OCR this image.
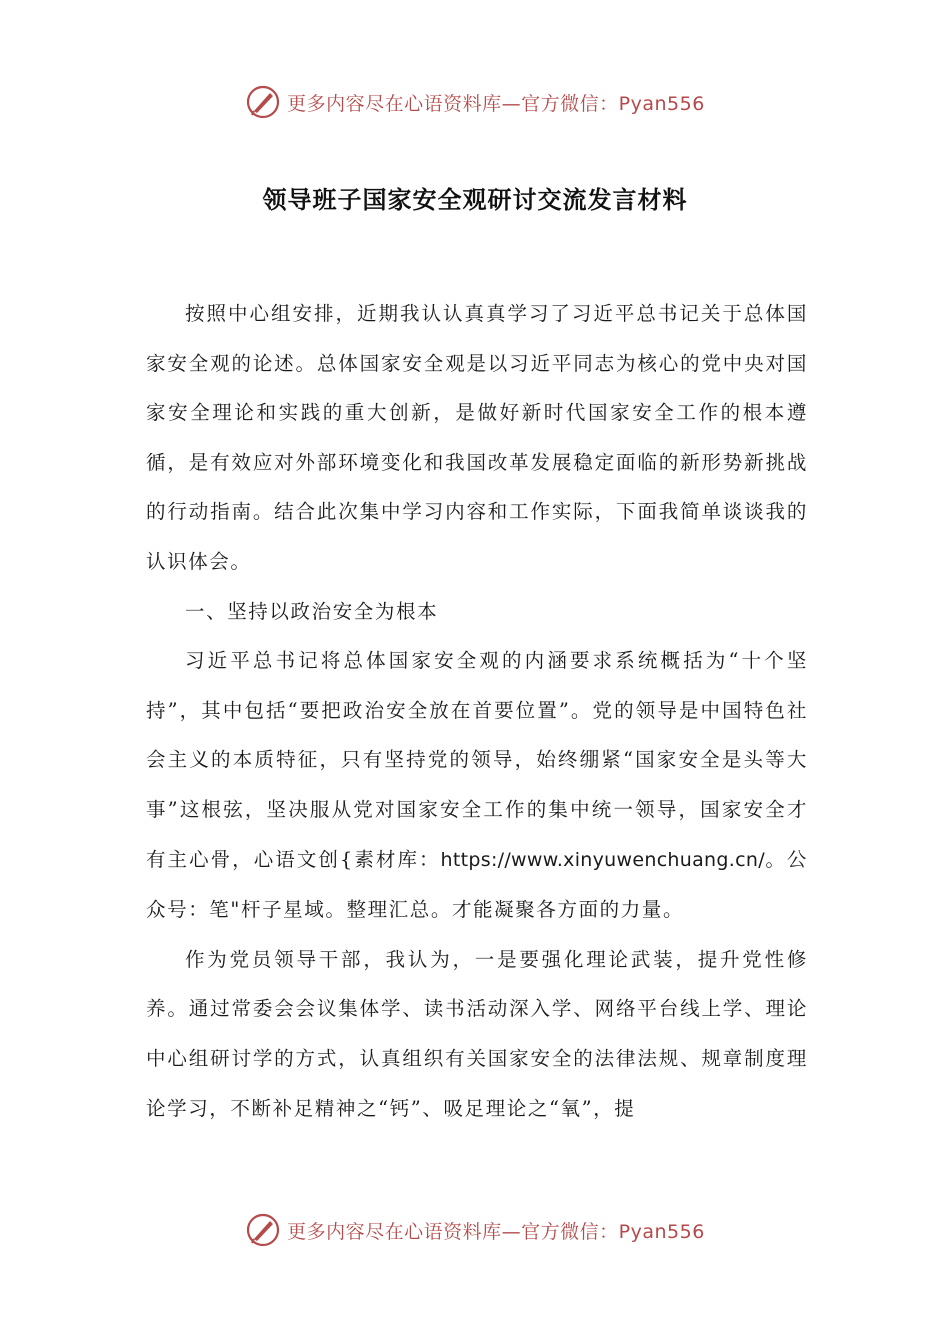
更多内容尽在心语资料库—官方微信：Pyan556
领导班子国家安全观研讨交流发言材料

按照中心组安排，近期我认认真真学习了习近平总书记关于总体国家安全观的论述。总体国家安全观是以习近平同志为核心的党中央对国家安全理论和实践的重大创新，是做好新时代国家安全工作的根本遵循，是有效应对外部环境变化和我国改革发展稳定面临的新形势新挑战的行动指南。结合此次集中学习内容和工作实际，下面我简单谈谈我的认识体会。

一、坚持以政治安全为根本

习近平总书记将总体国家安全观的内涵要求系统概括为“十个坚持”，其中包括“要把政治安全放在首要位置”。党的领导是中国特色社会主义的本质特征，只有坚持党的领导，始终绷紧“国家安全是头等大事”这根弦，坚决服从党对国家安全工作的集中统一领导，国家安全才有主心骨，心语文创{素材库：https://www.xinyuwenchuang.cn/。公众号：笔"杆子星域。整理汇总。才能凝聚各方面的力量。

作为党员领导干部，我认为，一是要强化理论武装，提升党性修养。通过常委会会议集体学、读书活动深入学、网络平台线上学、理论中心组研讨学的方式，认真组织有关国家安全的法律法规、规章制度理论学习，不断补足精神之“钙”、吸足理论之“氧”，提

更多内容尽在心语资料库—官方微信：Pyan556
